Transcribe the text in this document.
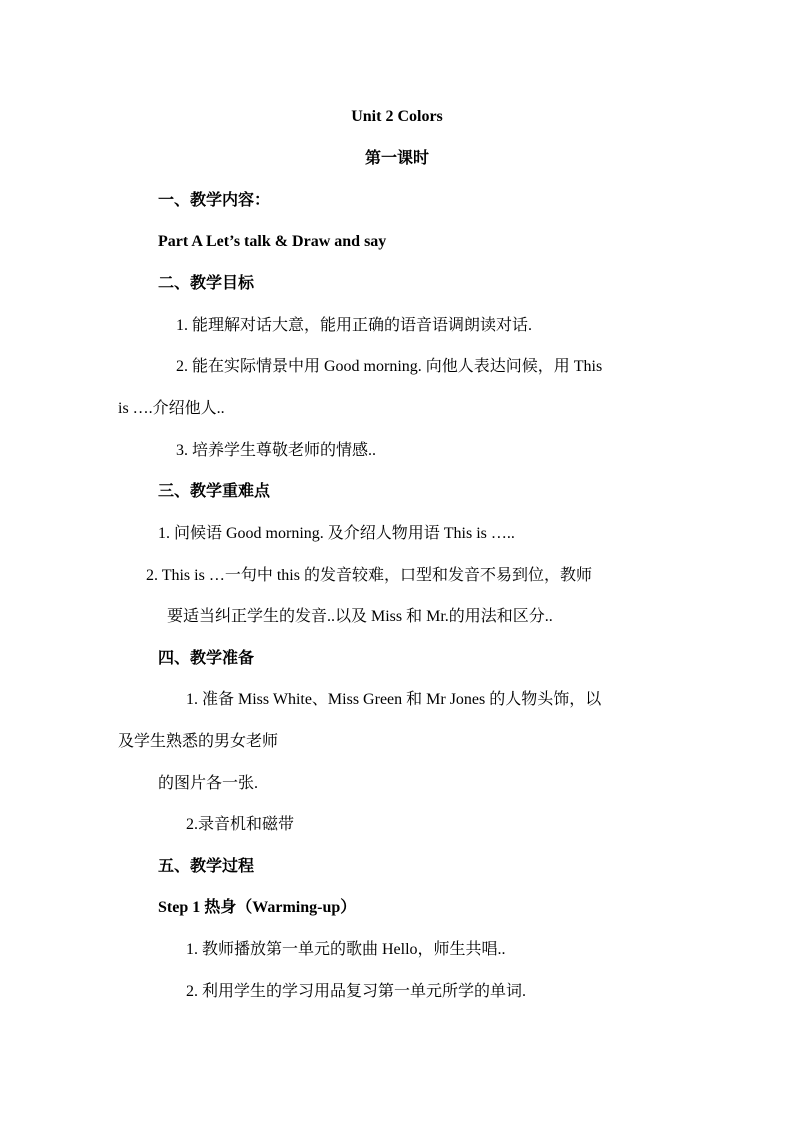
Unit 2 Colors
第一课时
一、教学内容：
Part A Let’s talk & Draw and say
二、教学目标
1. 能理解对话大意，能用正确的语音语调朗读对话.
2. 能在实际情景中用 Good morning. 向他人表达问候，用 This
is ….介绍他人..
3. 培养学生尊敬老师的情感..
三、教学重难点
1. 问候语 Good morning. 及介绍人物用语 This is …..
2. This is …一句中 this 的发音较难，口型和发音不易到位，教师
要适当纠正学生的发音..以及 Miss 和 Mr.的用法和区分..
四、教学准备
1. 准备 Miss White、Miss Green 和 Mr Jones 的人物头饰，以
及学生熟悉的男女老师
的图片各一张.
2.录音机和磁带
五、教学过程
Step 1 热身（Warming-up）
1. 教师播放第一单元的歌曲 Hello，师生共唱..
2. 利用学生的学习用品复习第一单元所学的单词.
